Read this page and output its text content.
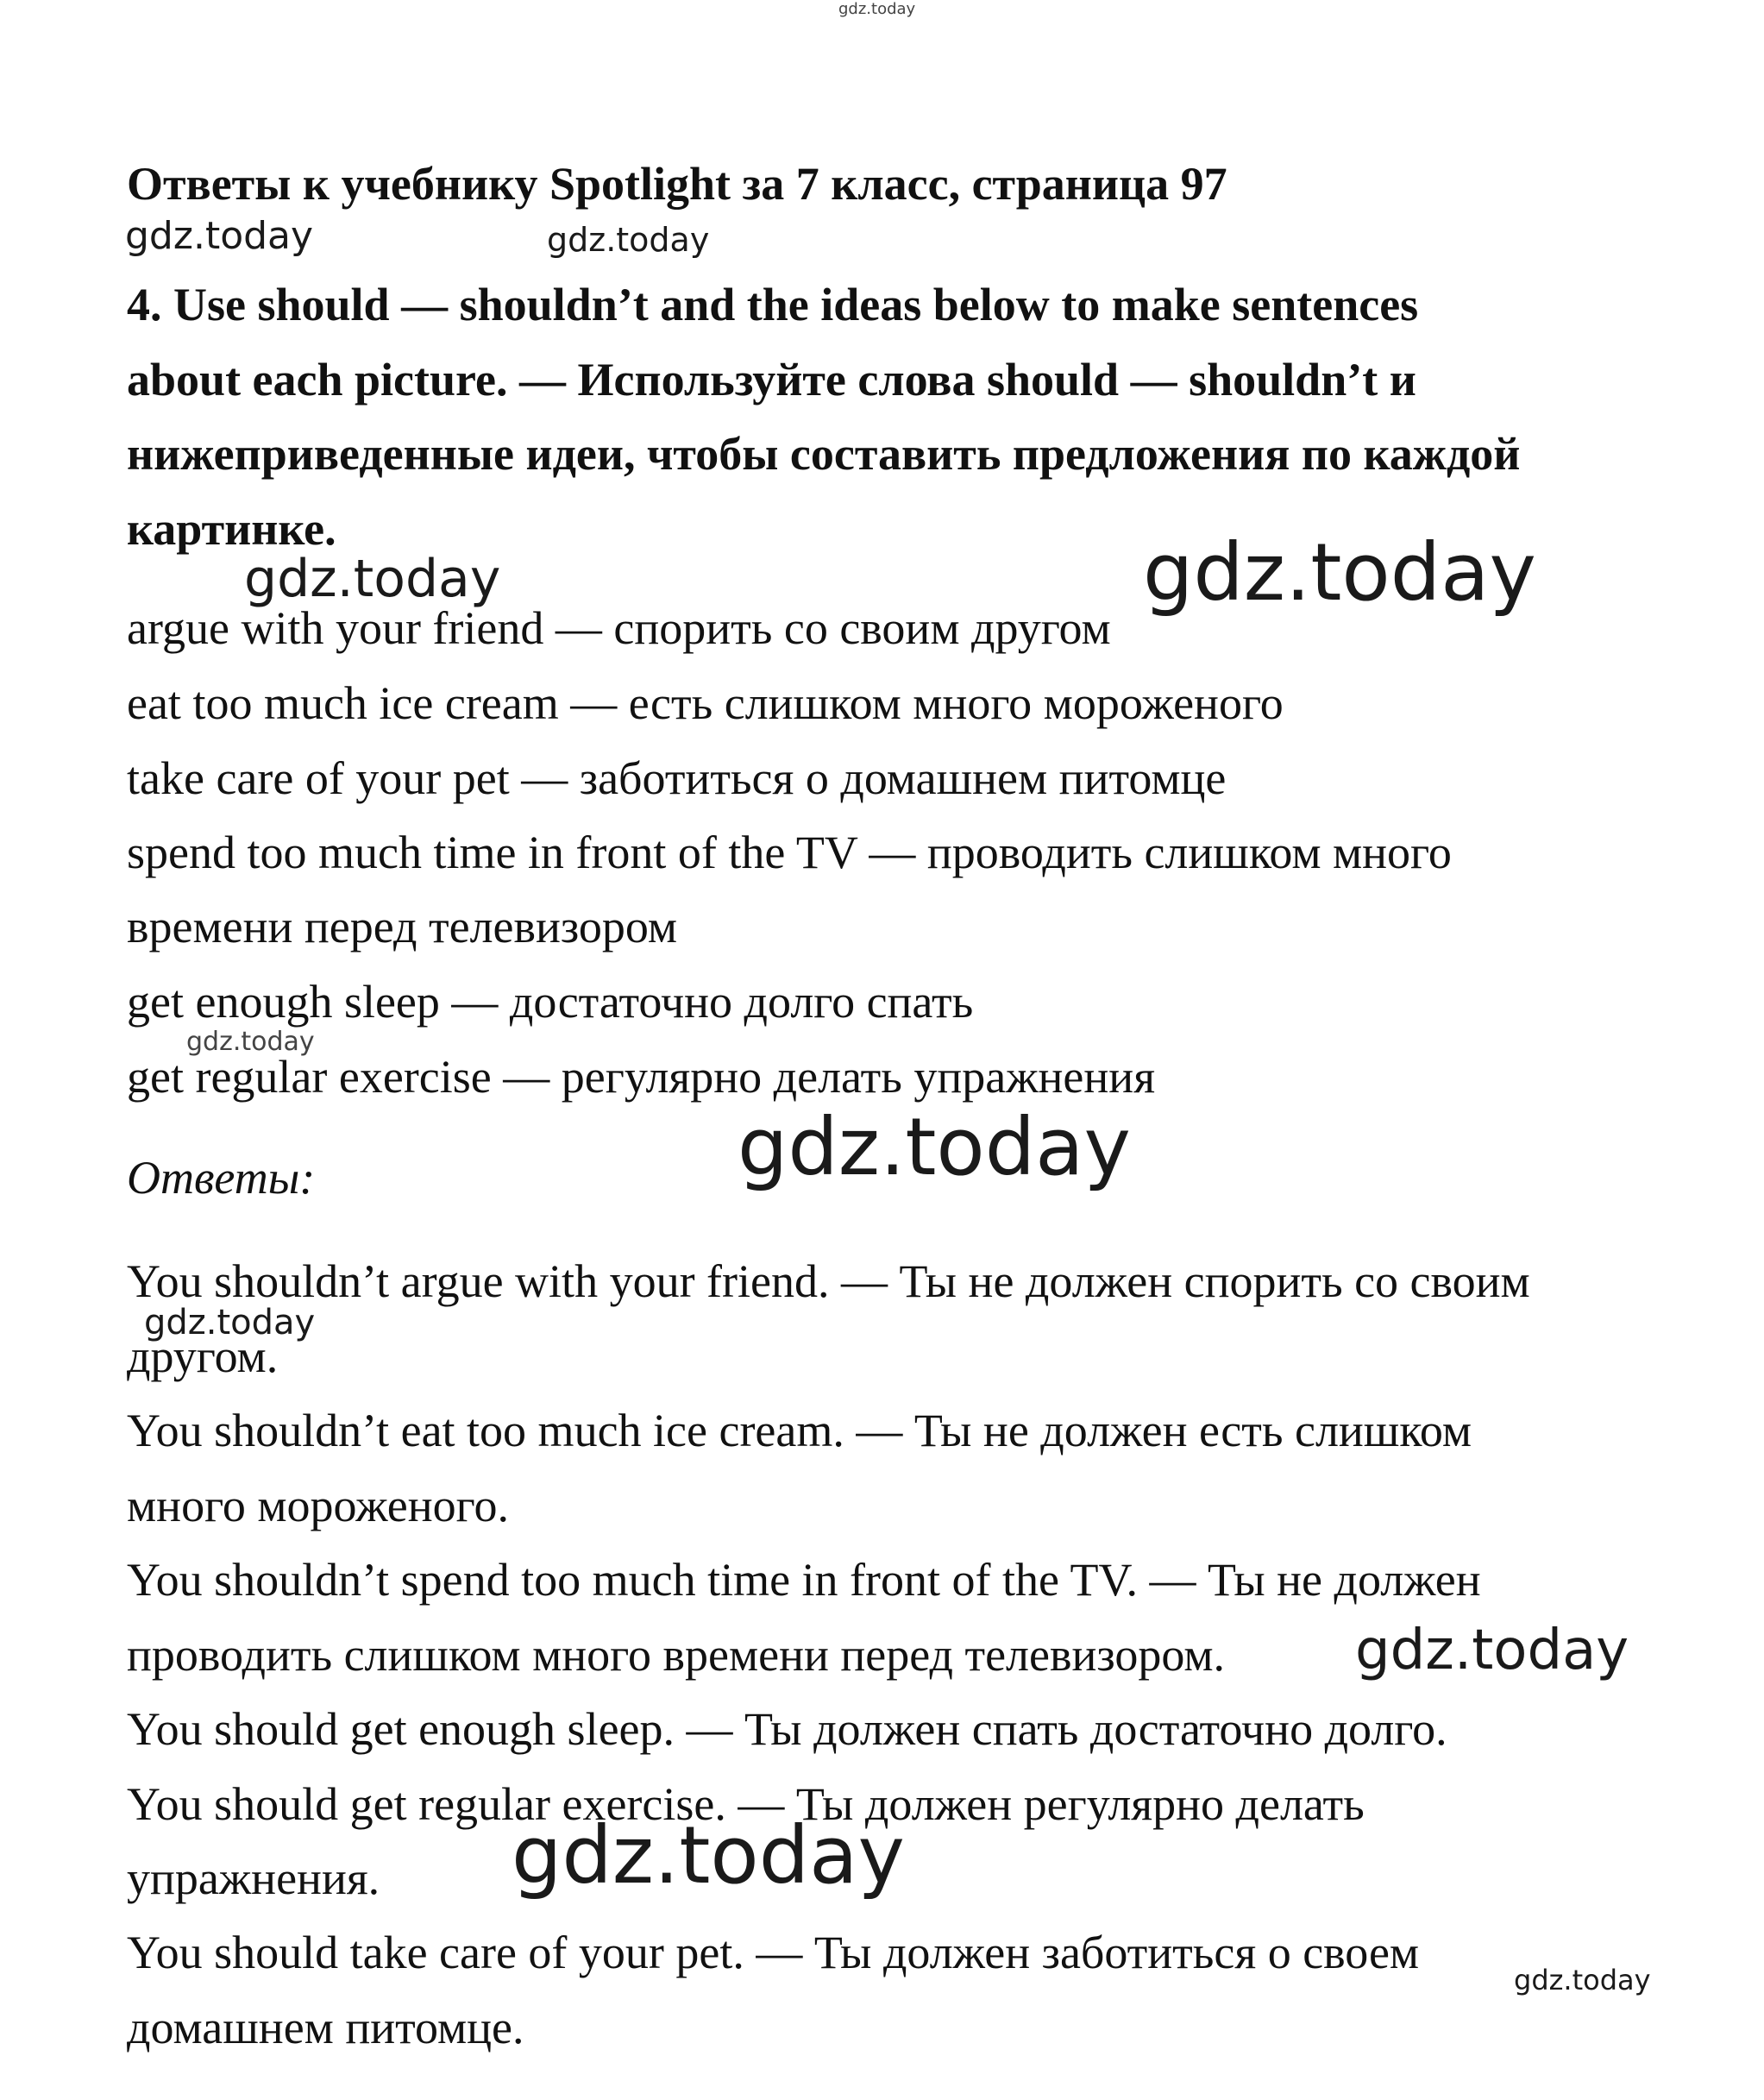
Ответы к учебнику Spotlight за 7 класс, страница 97
4. Use should — shouldn’t and the ideas below to make sentences
about each picture. — Используйте слова should — shouldn’t и
нижеприведенные идеи, чтобы составить предложения по каждой
картинке.
argue with your friend — спорить со своим другом
eat too much ice cream — есть слишком много мороженого
take care of your pet — заботиться о домашнем питомце
spend too much time in front of the TV — проводить слишком много
времени перед телевизором
get enough sleep — достаточно долго спать
get regular exercise — регулярно делать упражнения
Ответы:
You shouldn’t argue with your friend. — Ты не должен спорить со своим
другом.
You shouldn’t eat too much ice cream. — Ты не должен есть слишком
много мороженого.
You shouldn’t spend too much time in front of the TV. — Ты не должен
проводить слишком много времени перед телевизором.
You should get enough sleep. — Ты должен спать достаточно долго.
You should get regular exercise. — Ты должен регулярно делать
упражнения.
You should take care of your pet. — Ты должен заботиться о своем
домашнем питомце.
gdz.today
gdz.today	gdz.today
gdz.today	gdz.today
gdz.today
gdz.today
gdz.today
gdz.today
gdz.today
gdz.today
